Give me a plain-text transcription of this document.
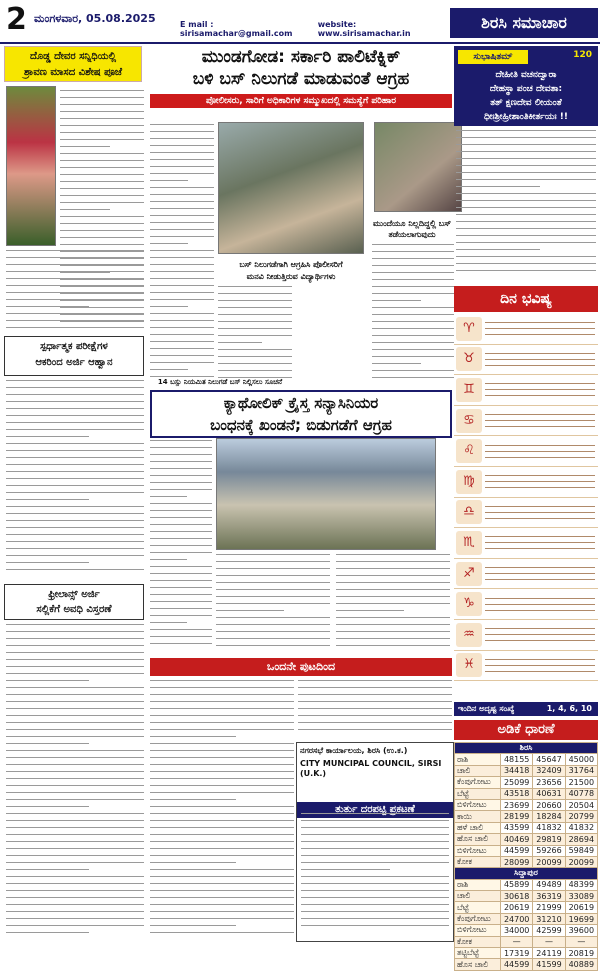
2 ಮಂಗಳವಾರ, 05.08.2025	E mail : sirisamachar@gmail.com
website: www.sirisamachar.in
ಶಿರಸಿ ಸಮಾಚಾರ
ದೊಡ್ಡ ದೇವರ ಸನ್ನಿಧಿಯಲ್ಲಿ
ಶ್ರಾವಣ ಮಾಸದ ವಿಶೇಷ ಪೂಜೆ
ಸ್ಪರ್ಧಾತ್ಮಕ ಪರೀಕ್ಷೆಗಳ
ಆಕರಿಂದ ಅರ್ಜಿ ಆಹ್ವಾನ
ಫ್ರೀಲಾನ್ಸ್ ಅರ್ಜಿ
ಸಲ್ಲಿಕೆಗೆ ಅವಧಿ ವಿಸ್ತರಣೆ
ಮುಂಡಗೋಡ: ಸರ್ಕಾರಿ ಪಾಲಿಟೆಕ್ನಿಕ್
ಬಳಿ ಬಸ್ ನಿಲುಗಡೆ ಮಾಡುವಂತೆ ಆಗ್ರಹ
ಪೋಲೀಸರು, ಸಾರಿಗೆ ಅಧಿಕಾರಿಗಳ ಸಮ್ಮುಖದಲ್ಲಿ ಸಮಸ್ಯೆಗೆ ಪರಿಹಾರ
ಮುಂದೆಯೂ ನಿಲ್ಲದಿದ್ದಲ್ಲಿ ಬಸ್ ತಡೆಯಲಾಗುವುದು
ಬಸ್ ನಿಲುಗಡೆಗಾಗಿ ಆಗ್ರಹಿಸಿ ಪೊಲೀಸರಿಗೆ
ಮನವಿ ನೀಡುತ್ತಿರುವ ವಿದ್ಯಾರ್ಥಿಗಳು
14 ಬಸ್ಸು ನಿಯಮಿತ ನಿಲುಗಡೆ ಬಸ್ ನಿಲ್ಲಿಸಲು ಸೂಚನೆ
ಕ್ಯಾಥೋಲಿಕ್ ಕ್ರೈಸ್ತ ಸನ್ಯಾಸಿನಿಯರ
ಬಂಧನಕ್ಕೆ ಖಂಡನೆ; ಬಿಡುಗಡೆಗೆ ಆಗ್ರಹ
ಒಂದನೇ ಪುಟದಿಂದ
ನಗರಸಭೆ ಕಾರ್ಯಾಲಯ, ಶಿರಸಿ (ಉ.ಕ.)
CITY MUNCIPAL COUNCIL, SIRSI (U.K.)
ತುರ್ತು ದರಪಟ್ಟಿ ಪ್ರಕಟಣೆ
ಸುಭಾಷಿತಮ್	120
ದೇಹೀತಿ ವಚನದ್ವಾರಾ
ದೇಹಸ್ಥಾ ಪಂಚ ದೇವತಾ:
ತತ್ ಕ್ಷಣದೇವ ಲೀಯಂತೆ
ಧೀಃಶ್ರೀಹ್ರೀಶಾಂತಿಕೀರ್ತಯಃ !!
ದಿನ ಭವಿಷ್ಯ
♈
♉
♊
♋
♌
♍
♎
♏
♐
♑
♒
♓
ಇಂದಿನ ಅದೃಷ್ಟ ಸಂಖ್ಯೆ	1, 4, 6, 10
ಅಡಿಕೆ ಧಾರಣೆ
ಶಿರಸಿ			
ರಾಶಿ	48155	45647	45000
ಚಾಲಿ	34418	32409	31764
ಕೆಂಪುಗೋಟು	25099	23656	21500
ಬೆಟ್ಟೆ	43518	40631	40778
ಬಿಳಿಗೋಟು	23699	20660	20504
ಕಾಯಿ	28199	18284	20799
ಹಳೆ ಚಾಲಿ	43599	41832	41832
ಹೊಸ ಚಾಲಿ	40469	29819	28694
ಬಿಳಿಗೋಟು	44599	59266	59849
ಕೋಕ	28099	20099	20099
ಸಿದ್ದಾಪುರ			
ರಾಶಿ	45899	49489	48399
ಚಾಲಿ	30618	36319	33089
ಬೆಟ್ಟೆ	20619	21999	20619
ಕೆಂಪುಗೋಟು	24700	31210	19699
ಬಿಳಿಗೋಟು	34000	42599	39600
ಕೋಕ	—	—	—
ತಟ್ಟಿಬೆಟ್ಟೆ	17319	24119	20819
ಹೊಸ ಚಾಲಿ	44599	41599	40889
